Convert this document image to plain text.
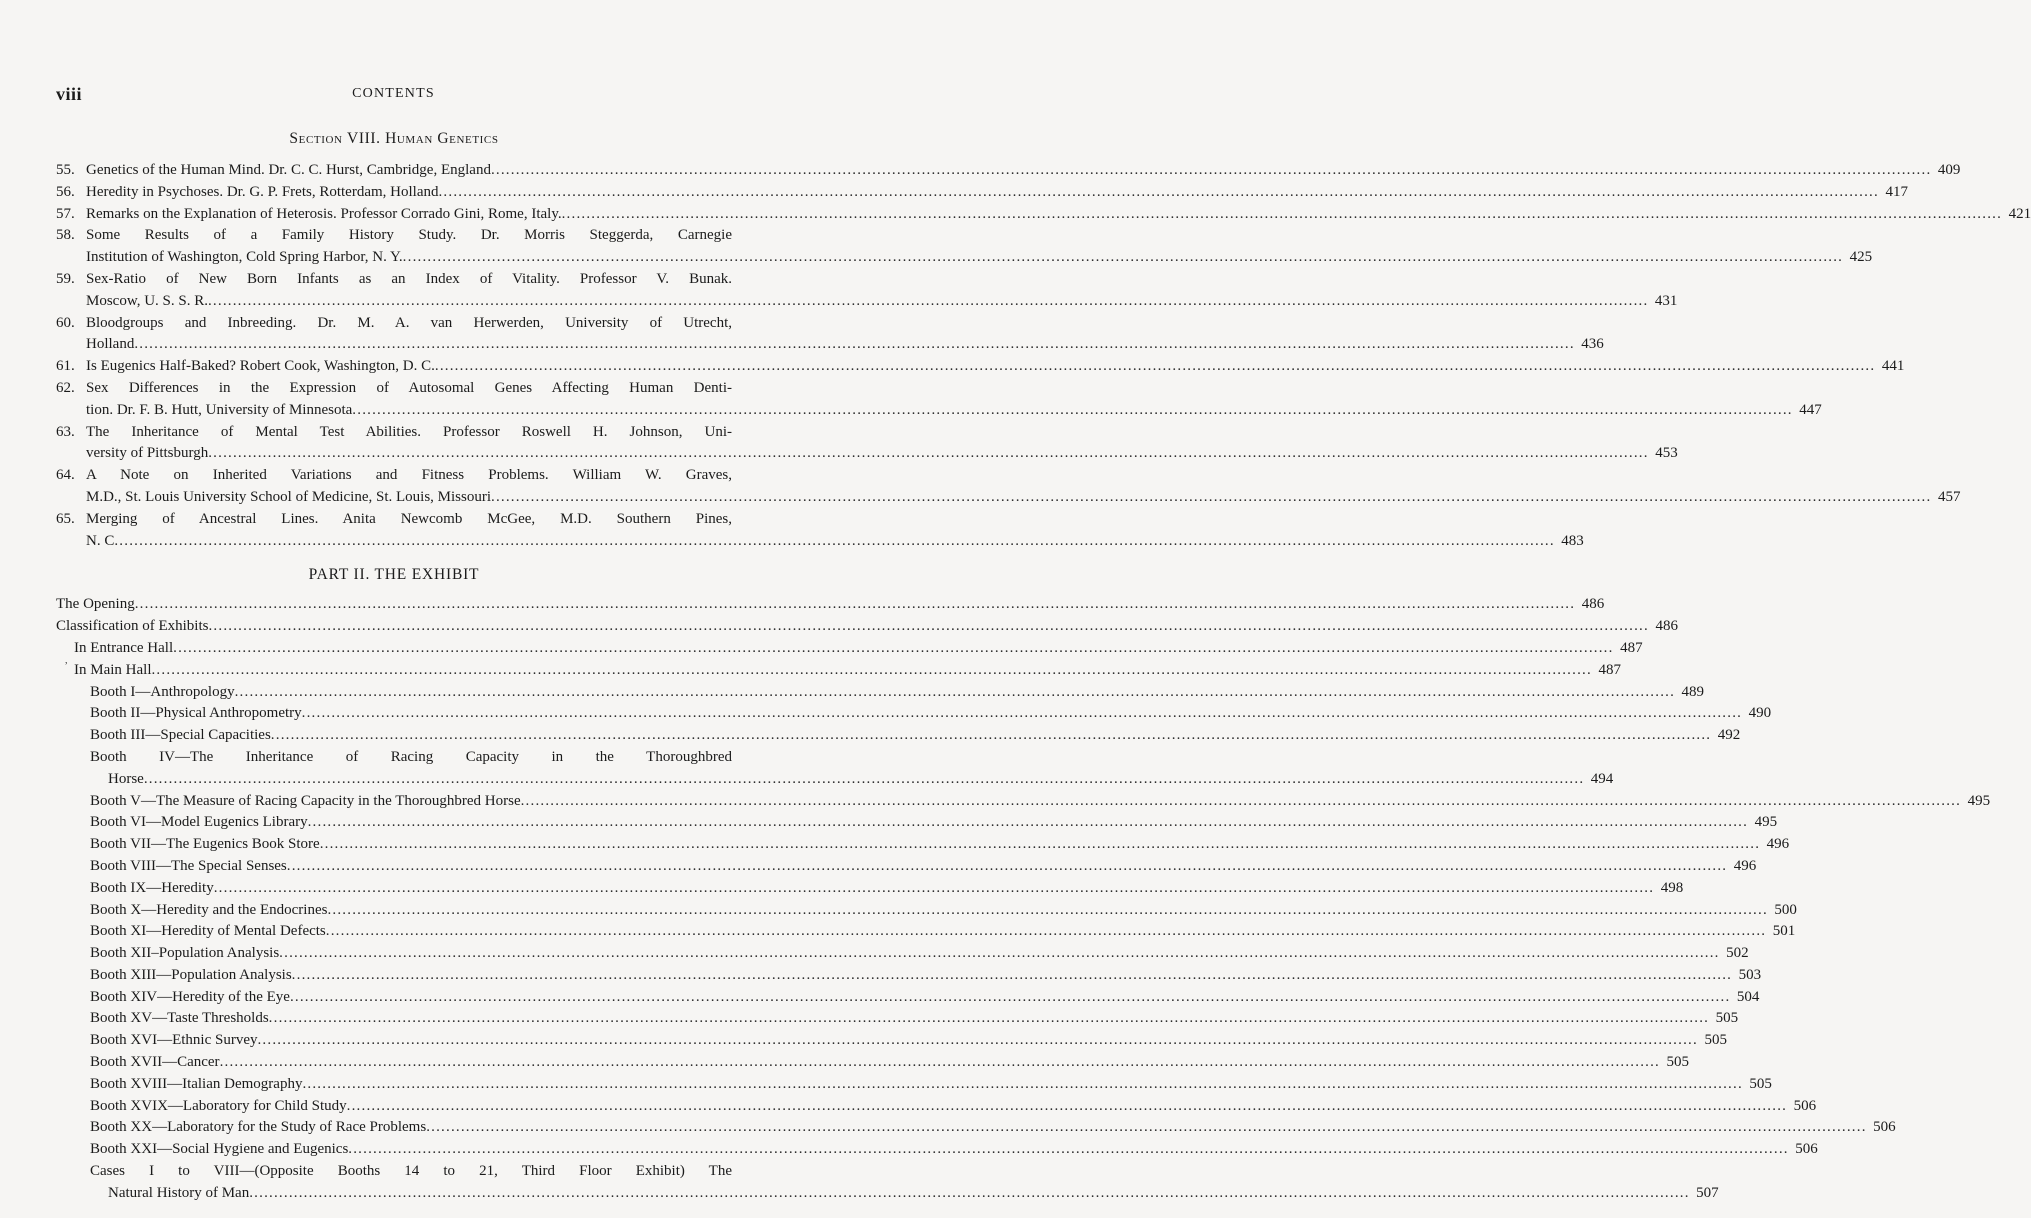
viii	CONTENTS
Section VIII. Human Genetics
55. Genetics of the Human Mind. Dr. C. C. Hurst, Cambridge, England .....	409
56. Heredity in Psychoses. Dr. G. P. Frets, Rotterdam, Holland .....	417
57. Remarks on the Explanation of Heterosis. Professor Corrado Gini, Rome, Italy. .....	421
58. Some Results of a Family History Study. Dr. Morris Steggerda, Carnegie
Institution of Washington, Cold Spring Harbor, N. Y. .....	425
59. Sex-Ratio of New Born Infants as an Index of Vitality. Professor V. Bunak.
Moscow, U. S. S. R. .....	431
60. Bloodgroups and Inbreeding. Dr. M. A. van Herwerden, University of Utrecht,
Holland .....	436
61. Is Eugenics Half-Baked? Robert Cook, Washington, D. C. .....	441
62. Sex Differences in the Expression of Autosomal Genes Affecting Human Denti-
tion. Dr. F. B. Hutt, University of Minnesota .....	447
63. The Inheritance of Mental Test Abilities. Professor Roswell H. Johnson, Uni-
versity of Pittsburgh .....	453
64. A Note on Inherited Variations and Fitness Problems. William W. Graves,
M.D., St. Louis University School of Medicine, St. Louis, Missouri .....	457
65. Merging of Ancestral Lines. Anita Newcomb McGee, M.D. Southern Pines,
N. C .....	483
PART II. THE EXHIBIT
The Opening .....	486
Classification of Exhibits .....	486
In Entrance Hall .....	487
In Main Hall .....	487
Booth I—Anthropology .....	489
Booth II—Physical Anthropometry .....	490
Booth III—Special Capacities .....	492
Booth IV—The Inheritance of Racing Capacity in the Thoroughbred
Horse .....	494
Booth V—The Measure of Racing Capacity in the Thoroughbred Horse .....	495
Booth VI—Model Eugenics Library .....	495
Booth VII—The Eugenics Book Store .....	496
Booth VIII—The Special Senses .....	496
Booth IX—Heredity .....	498
Booth X—Heredity and the Endocrines .....	500
Booth XI—Heredity of Mental Defects .....	501
Booth XII–Population Analysis .....	502
Booth XIII—Population Analysis .....	503
Booth XIV—Heredity of the Eye .....	504
Booth XV—Taste Thresholds .....	505
Booth XVI—Ethnic Survey .....	505
Booth XVII—Cancer .....	505
Booth XVIII—Italian Demography .....	505
Booth XVIX—Laboratory for Child Study .....	506
Booth XX—Laboratory for the Study of Race Problems .....	506
Booth XXI—Social Hygiene and Eugenics .....	506
Cases I to VIII—(Opposite Booths 14 to 21, Third Floor Exhibit) The
Natural History of Man .....	507
,
